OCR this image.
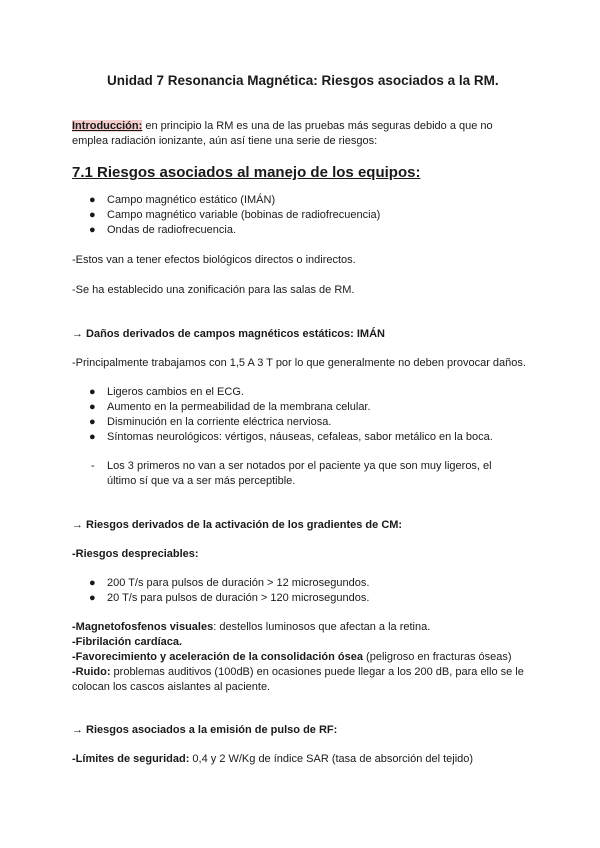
Unidad 7 Resonancia Magnética: Riesgos asociados a la RM.
Introducción: en principio la RM es una de las pruebas más seguras debido a que no emplea radiación ionizante, aún así tiene una serie de riesgos:
7.1 Riesgos asociados al manejo de los equipos:
● Campo magnético estático (IMÁN)
● Campo magnético variable (bobinas de radiofrecuencia)
● Ondas de radiofrecuencia.
-Estos van a tener efectos biológicos directos o indirectos.
-Se ha establecido una zonificación para las salas de RM.
→ Daños derivados de campos magnéticos estáticos: IMÁN
-Principalmente trabajamos con 1,5 A 3 T por lo que generalmente no deben provocar daños.
● Ligeros cambios en el ECG.
● Aumento en la permeabilidad de la membrana celular.
● Disminución en la corriente eléctrica nerviosa.
● Síntomas neurológicos: vértigos, náuseas, cefaleas, sabor metálico en la boca.
- Los 3 primeros no van a ser notados por el paciente ya que son muy ligeros, el último sí que va a ser más perceptible.
→ Riesgos derivados de la activación de los gradientes de CM:
-Riesgos despreciables:
● 200 T/s para pulsos de duración > 12 microsegundos.
● 20 T/s para pulsos de duración > 120 microsegundos.
-Magnetofosfenos visuales: destellos luminosos que afectan a la retina.
-Fibrilación cardíaca.
-Favorecimiento y aceleración de la consolidación ósea (peligroso en fracturas óseas)
-Ruido: problemas auditivos (100dB) en ocasiones puede llegar a los 200 dB, para ello se le colocan los cascos aislantes al paciente.
→ Riesgos asociados a la emisión de pulso de RF:
-Límites de seguridad: 0,4 y 2 W/Kg de índice SAR (tasa de absorción del tejido)
